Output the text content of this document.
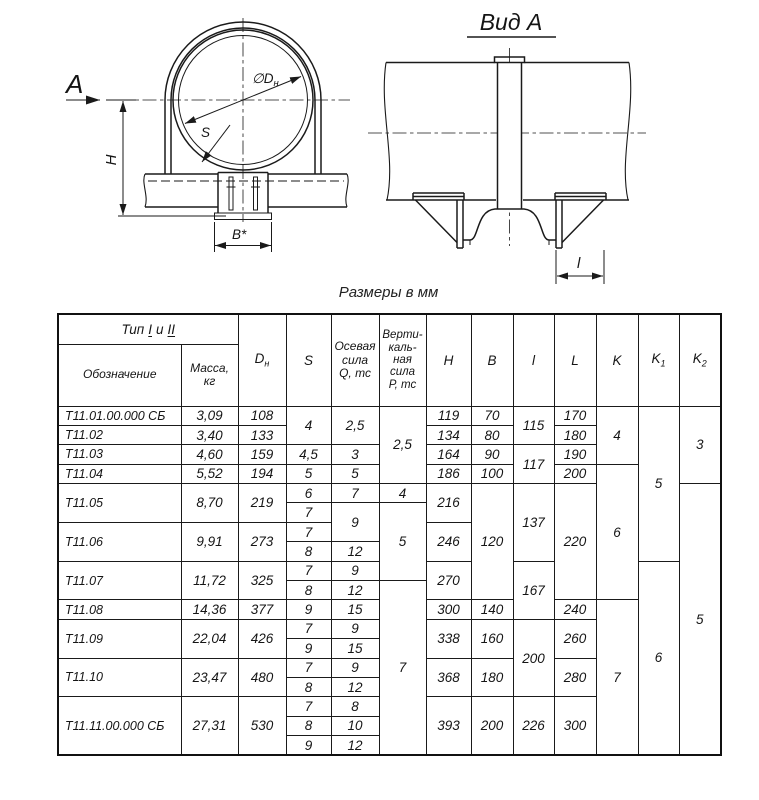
А	$\emptyset D_н$
S
Н
В*
Вид А
l
Размеры в мм
Тип I и II	$D_н$	S	
Осевая
сила
Q, тс

Верти-
каль-
ная
сила
Р, тс
	H	B	l	L	K	$K_1$	$K_2$
Обозначение	Масса,
кг											

Т11.01.00.000 СБ	3,09	108	4	2,5	2,5	119	70	115	170	4	5	3
Т11.02	3,40	133				134	80		180			
Т11.03	4,60	159	4,5	3		164	90	117	190			
Т11.04	5,52	194	5	5		186	100		200	6		
Т11.05	8,70	219	6	7	4	216	120	137	220			5
			7	9	5							
Т11.06	9,91	273	7			246						
			8	12								
Т11.07	11,72	325	7	9		270		167			6	
			8	12	7							
Т11.08	14,36	377	9	15		300	140		240	7		
Т11.09	22,04	426	7	9		338	160	200	260			
			9	15								
Т11.10	23,47	480	7	9		368	180		280			
			8	12								
Т11.11.00.000 СБ	27,31	530	7	8		393	200	226	300			
			8	10								
			9	12								
